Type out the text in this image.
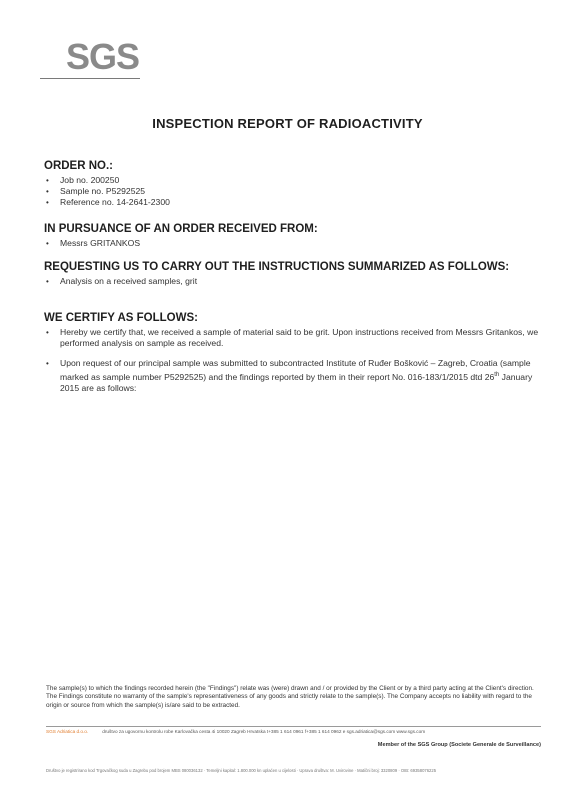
SGS
INSPECTION REPORT OF RADIOACTIVITY
ORDER NO.:
• Job no. 200250
• Sample no. P5292525
• Reference no. 14-2641-2300
IN PURSUANCE OF AN ORDER RECEIVED FROM:
• Messrs GRITANKOS
REQUESTING US TO CARRY OUT THE INSTRUCTIONS SUMMARIZED AS FOLLOWS:
• Analysis on a received samples, grit
WE CERTIFY AS FOLLOWS:
• Hereby we certify that, we received a sample of material said to be grit. Upon instructions received from Messrs Gritankos, we performed analysis on sample as received.
• Upon request of our principal sample was submitted to subcontracted Institute of Ruđer Bošković – Zagreb, Croatia (sample marked as sample number P5292525) and the findings reported by them in their report No. 016-183/1/2015 dtd 26th January 2015 are as follows:
The sample(s) to which the findings recorded herein (the "Findings") relate was (were) drawn and / or provided by the Client or by a third party acting at the Client's direction. The Findings constitute no warranty of the sample's representativeness of any goods and strictly relate to the sample(s). The Company accepts no liability with regard to the origin or source from which the sample(s) is/are said to be extracted.
SGS Adriatica d.o.o.	društvo za ugovornu kontrolu robe Karlovačka cesta 4i 10020 Zagreb Hrvatska t+385 1 614 0961 f+385 1 614 0962 e sgs.adriatica@sgs.com www.sgs.com
Member of the SGS Group (Societe Generale de Surveillance)
Društvo je registrirano kod Trgovačkog suda u Zagrebu pod brojem MBS 080036132 · Temeljni kapital: 1.800.000 kn uplaćen u cijelosti · Uprava društva: M. Uvirovine · Matični broj: 3320809 · OIB: 69358076225
